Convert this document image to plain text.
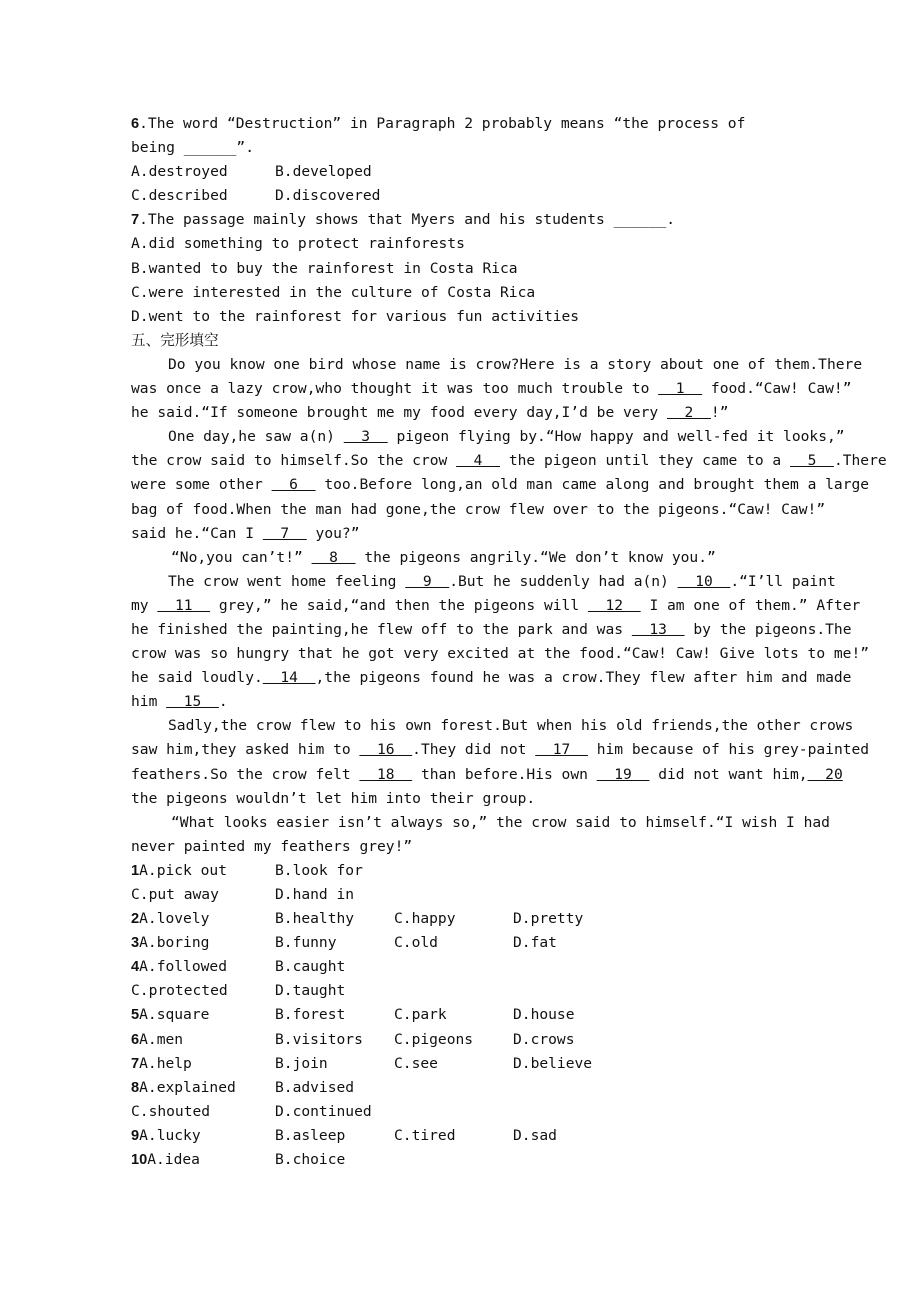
6.The word “Destruction” in Paragraph 2 probably means “the process of
being ______”.
A.destroyed	B.developed
C.described	D.discovered
7.The passage mainly shows that Myers and his students ______.
A.did something to protect rainforests
B.wanted to buy the rainforest in Costa Rica
C.were interested in the culture of Costa Rica
D.went to the rainforest for various fun activities
五、完形填空
Do you know one bird whose name is crow?Here is a story about one of them.There
was once a lazy crow,who thought it was too much trouble to   1   food.“Caw! Caw!”
he said.“If someone brought me my food every day,I’d be very   2  !”
One day,he saw a(n)   3   pigeon flying by.“How happy and well-fed it looks,”
the crow said to himself.So the crow   4   the pigeon until they came to a   5  .There
were some other   6   too.Before long,an old man came along and brought them a large
bag of food.When the man had gone,the crow flew over to the pigeons.“Caw! Caw!”
said he.“Can I   7   you?”
“No,you can’t!”   8   the pigeons angrily.“We don’t know you.”
The crow went home feeling   9  .But he suddenly had a(n)   10  .“I’ll paint
my   11   grey,” he said,“and then the pigeons will   12   I am one of them.” After
he finished the painting,he flew off to the park and was   13   by the pigeons.The
crow was so hungry that he got very excited at the food.“Caw! Caw! Give lots to me!”
he said loudly.  14  ,the pigeons found he was a crow.They flew after him and made
him   15  .
Sadly,the crow flew to his own forest.But when his old friends,the other crows
saw him,they asked him to   16  .They did not   17   him because of his grey-painted
feathers.So the crow felt   18   than before.His own   19   did not want him,  20
the pigeons wouldn’t let him into their group.
“What looks easier isn’t always so,” the crow said to himself.“I wish I had
never painted my feathers grey!”
1A.pick out	B.look for
C.put away	D.hand in
2A.lovely	B.healthy	C.happy	D.pretty
3A.boring	B.funny	C.old	D.fat
4A.followed	B.caught
C.protected	D.taught
5A.square	B.forest	C.park	D.house
6A.men	B.visitors C.pigeons	D.crows
7A.help	B.join	C.see	D.believe
8A.explained	B.advised
C.shouted	D.continued
9A.lucky	B.asleep	C.tired	D.sad
10A.idea	B.choice
